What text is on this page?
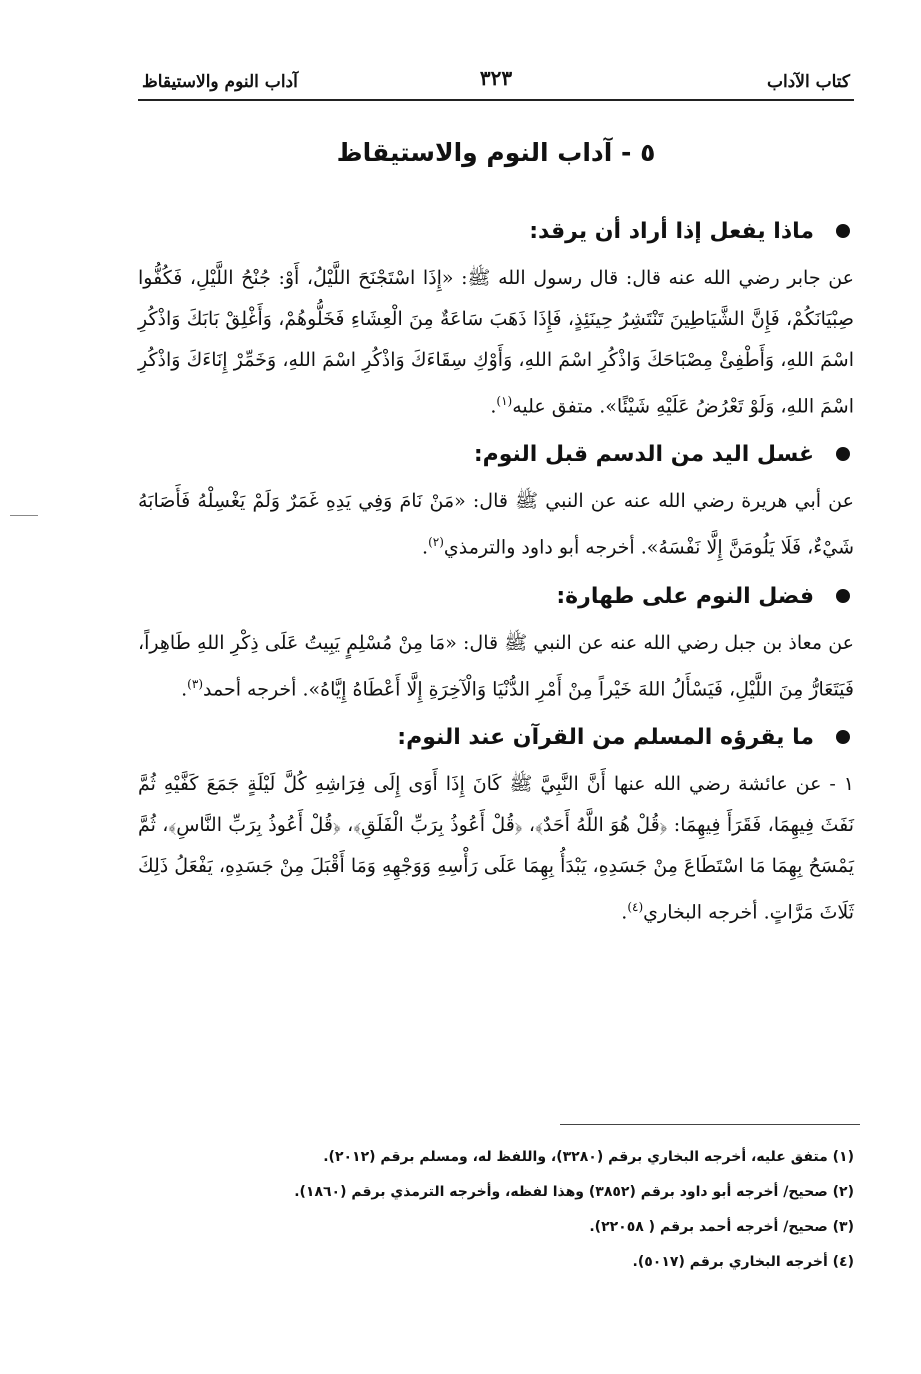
كتاب الآداب
٣٢٣
آداب النوم والاستيقاظ
٥ - آداب النوم والاستيقاظ
ماذا يفعل إذا أراد أن يرقد:

عن جابر رضي الله عنه قال: قال رسول الله ﷺ: «إِذَا اسْتَجْنَحَ اللَّيْلُ، أَوْ: جُنْحُ اللَّيْلِ، فَكُفُّوا صِبْيَانَكُمْ، فَإِنَّ الشَّيَاطِينَ تَنْتَشِرُ حِينَئِذٍ، فَإِذَا ذَهَبَ سَاعَةٌ مِنَ الْعِشَاءِ فَخَلُّوهُمْ، وَأَغْلِقْ بَابَكَ وَاذْكُرِ اسْمَ اللهِ، وَأَطْفِئْ مِصْبَاحَكَ وَاذْكُرِ اسْمَ اللهِ، وَأَوْكِ سِقَاءَكَ وَاذْكُرِ اسْمَ اللهِ، وَخَمِّرْ إِنَاءَكَ وَاذْكُرِ اسْمَ اللهِ، وَلَوْ تَعْرُضُ عَلَيْهِ شَيْئًا». متفق عليه$^{(١)}$.

غسل اليد من الدسم قبل النوم:

عن أبي هريرة رضي الله عنه عن النبي ﷺ قال: «مَنْ نَامَ وَفِي يَدِهِ غَمَرٌ وَلَمْ يَغْسِلْهُ فَأَصَابَهُ شَيْءٌ، فَلَا يَلُومَنَّ إِلَّا نَفْسَهُ». أخرجه أبو داود والترمذي$^{(٢)}$.

فضل النوم على طهارة:

عن معاذ بن جبل رضي الله عنه عن النبي ﷺ قال: «مَا مِنْ مُسْلِمٍ يَبِيتُ عَلَى ذِكْرِ اللهِ طَاهِراً، فَيَتَعَارُّ مِنَ اللَّيْلِ، فَيَسْأَلُ اللهَ خَيْراً مِنْ أَمْرِ الدُّنْيَا وَالْآخِرَةِ إِلَّا أَعْطَاهُ إِيَّاهُ». أخرجه أحمد$^{(٣)}$.

ما يقرؤه المسلم من القرآن عند النوم:

١ - عن عائشة رضي الله عنها أَنَّ النَّبِيَّ ﷺ كَانَ إِذَا أَوَى إِلَى فِرَاشِهِ كُلَّ لَيْلَةٍ جَمَعَ كَفَّيْهِ ثُمَّ نَفَثَ فِيهِمَا، فَقَرَأَ فِيهِمَا: ﴿قُلْ هُوَ اللَّهُ أَحَدٌ﴾، ﴿قُلْ أَعُوذُ بِرَبِّ الْفَلَقِ﴾، ﴿قُلْ أَعُوذُ بِرَبِّ النَّاسِ﴾، ثُمَّ يَمْسَحُ بِهِمَا مَا اسْتَطَاعَ مِنْ جَسَدِهِ، يَبْدَأُ بِهِمَا عَلَى رَأْسِهِ وَوَجْهِهِ وَمَا أَقْبَلَ مِنْ جَسَدِهِ، يَفْعَلُ ذَلِكَ ثَلَاثَ مَرَّاتٍ. أخرجه البخاري$^{(٤)}$.

(١) متفق عليه، أخرجه البخاري برقم (٣٢٨٠)، واللفظ له، ومسلم برقم (٢٠١٢).
(٢) صحيح/ أخرجه أبو داود برقم (٣٨٥٢) وهذا لفظه، وأخرجه الترمذي برقم (١٨٦٠).
(٣) صحيح/ أخرجه أحمد برقم ( ٢٢٠٥٨).
(٤) أخرجه البخاري برقم (٥٠١٧).
